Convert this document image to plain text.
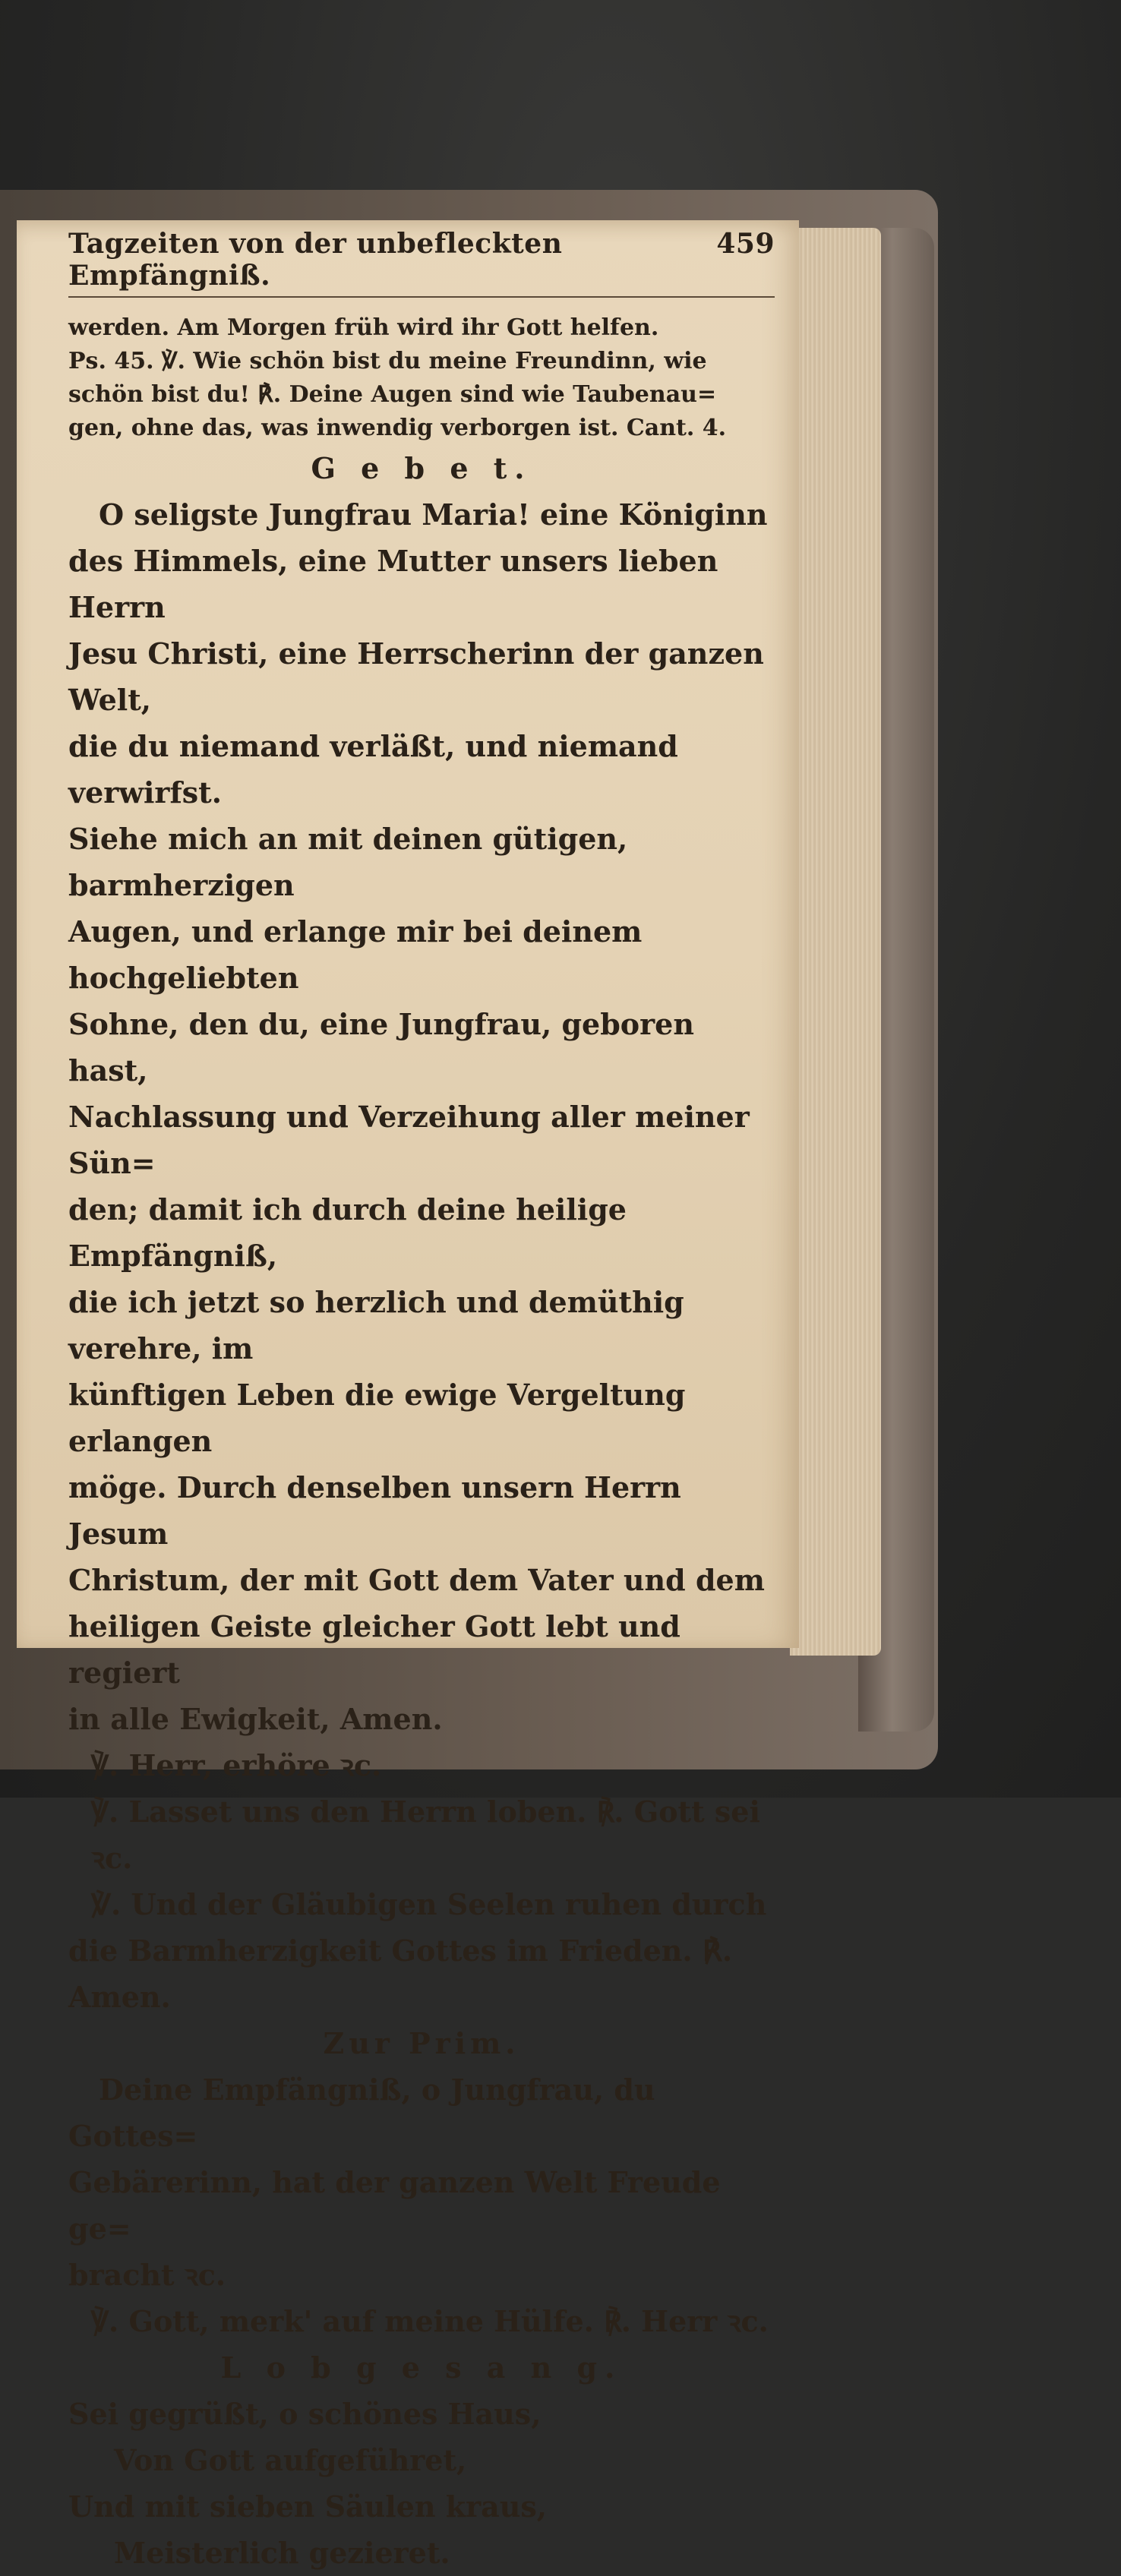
Tagzeiten von der unbefleckten Empfängniß.
459

werden. Am Morgen früh wird ihr Gott helfen.

Ps. 45. ℣. Wie schön bist du meine Freundinn, wie

schön bist du! ℟. Deine Augen sind wie Taubenau=

gen, ohne das, was inwendig verborgen ist. Cant. 4.

G e b e t.

O seligste Jungfrau Maria! eine Königinn

des Himmels, eine Mutter unsers lieben Herrn

Jesu Christi, eine Herrscherinn der ganzen Welt,

die du niemand verläßt, und niemand verwirfst.

Siehe mich an mit deinen gütigen, barmherzigen

Augen, und erlange mir bei deinem hochgeliebten

Sohne, den du, eine Jungfrau, geboren hast,

Nachlassung und Verzeihung aller meiner Sün=

den; damit ich durch deine heilige Empfängniß,

die ich jetzt so herzlich und demüthig verehre, im

künftigen Leben die ewige Vergeltung erlangen

möge. Durch denselben unsern Herrn Jesum

Christum, der mit Gott dem Vater und dem

heiligen Geiste gleicher Gott lebt und regiert

in alle Ewigkeit, Amen.

℣. Herr, erhöre ꝛc.

℣. Lasset uns den Herrn loben. ℟. Gott sei ꝛc.

℣. Und der Gläubigen Seelen ruhen durch

die Barmherzigkeit Gottes im Frieden. ℟. Amen.

Zur Prim.

Deine Empfängniß, o Jungfrau, du Gottes=

Gebärerinn, hat der ganzen Welt Freude ge=

bracht ꝛc.

℣. Gott, merk' auf meine Hülfe. ℟. Herr ꝛc.

L o b g e s a n g.

Sei gegrüßt, o schönes Haus,

Von Gott aufgeführet,

Und mit sieben Säulen kraus,

Meisterlich gezieret.
